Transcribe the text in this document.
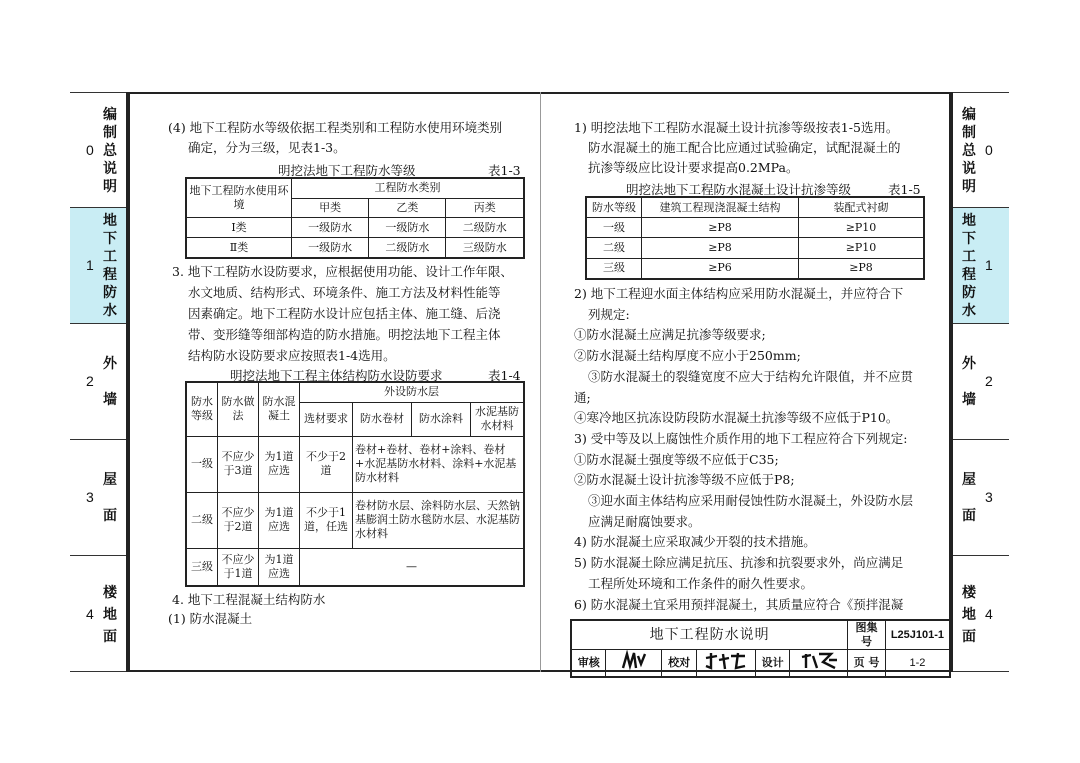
0
编制总说明
1
地下工程防水
2
外墙
3
屋面
4
楼地面
0
编制总说明
1
地下工程防水
2
外墙
3
屋面
4
楼地面
(4) 地下工程防水等级依据工程类别和工程防水使用环境类别
确定，分为三级，见表1-3。
明挖法地下工程防水等级	表1-3
地下工程防水使用环境	工程防水类别		
	甲类	乙类	丙类
Ⅰ类	一级防水	一级防水	二级防水
Ⅱ类	一级防水	二级防水	三级防水
3. 地下工程防水设防要求，应根据使用功能、设计工作年限、
水文地质、结构形式、环境条件、施工方法及材料性能等
因素确定。地下工程防水设计应包括主体、施工缝、后浇
带、变形缝等细部构造的防水措施。明挖法地下工程主体
结构防水设防要求应按照表1-4选用。
明挖法地下工程主体结构防水设防要求	表1-4
防水等级	防水做法	防水混凝土	外设防水层			
			选材要求	防水卷材	防水涂料	水泥基防水材料
一级	不应少于3道	为1道应选	不少于2道	卷材+卷材、卷材+涂料、卷材+水泥基防水材料、涂料+水泥基防水材料		
二级	不应少于2道	为1道应选	不少于1道，任选	卷材防水层、涂料防水层、天然钠基膨润土防水毯防水层、水泥基防水材料		
三级	不应少于1道	为1道应选	—			
4. 地下工程混凝土结构防水
(1) 防水混凝土
1) 明挖法地下工程防水混凝土设计抗渗等级按表1-5选用。
防水混凝土的施工配合比应通过试验确定，试配混凝土的
抗渗等级应比设计要求提高0.2MPa。
明挖法地下工程防水混凝土设计抗渗等级	表1-5
防水等级	建筑工程现浇混凝土结构	装配式衬砌
一级	≥P8	≥P10
二级	≥P8	≥P10
三级	≥P6	≥P8
2) 地下工程迎水面主体结构应采用防水混凝土，并应符合下
列规定:
①防水混凝土应满足抗渗等级要求;
②防水混凝土结构厚度不应小于250mm;
③防水混凝土的裂缝宽度不应大于结构允许限值，并不应贯
通;
④寒冷地区抗冻设防段防水混凝土抗渗等级不应低于P10。
3) 受中等及以上腐蚀性介质作用的地下工程应符合下列规定:
①防水混凝土强度等级不应低于C35;
②防水混凝土设计抗渗等级不应低于P8;
③迎水面主体结构应采用耐侵蚀性防水混凝土，外设防水层
应满足耐腐蚀要求。
4) 防水混凝土应采取减少开裂的技术措施。
5) 防水混凝土除应满足抗压、抗渗和抗裂要求外，尚应满足
工程所处环境和工作条件的耐久性要求。
6) 防水混凝土宜采用预拌混凝土，其质量应符合《预拌混凝
地下工程防水说明						图集号	L25J101-1
审核		校对		设计		页 号	1-2
